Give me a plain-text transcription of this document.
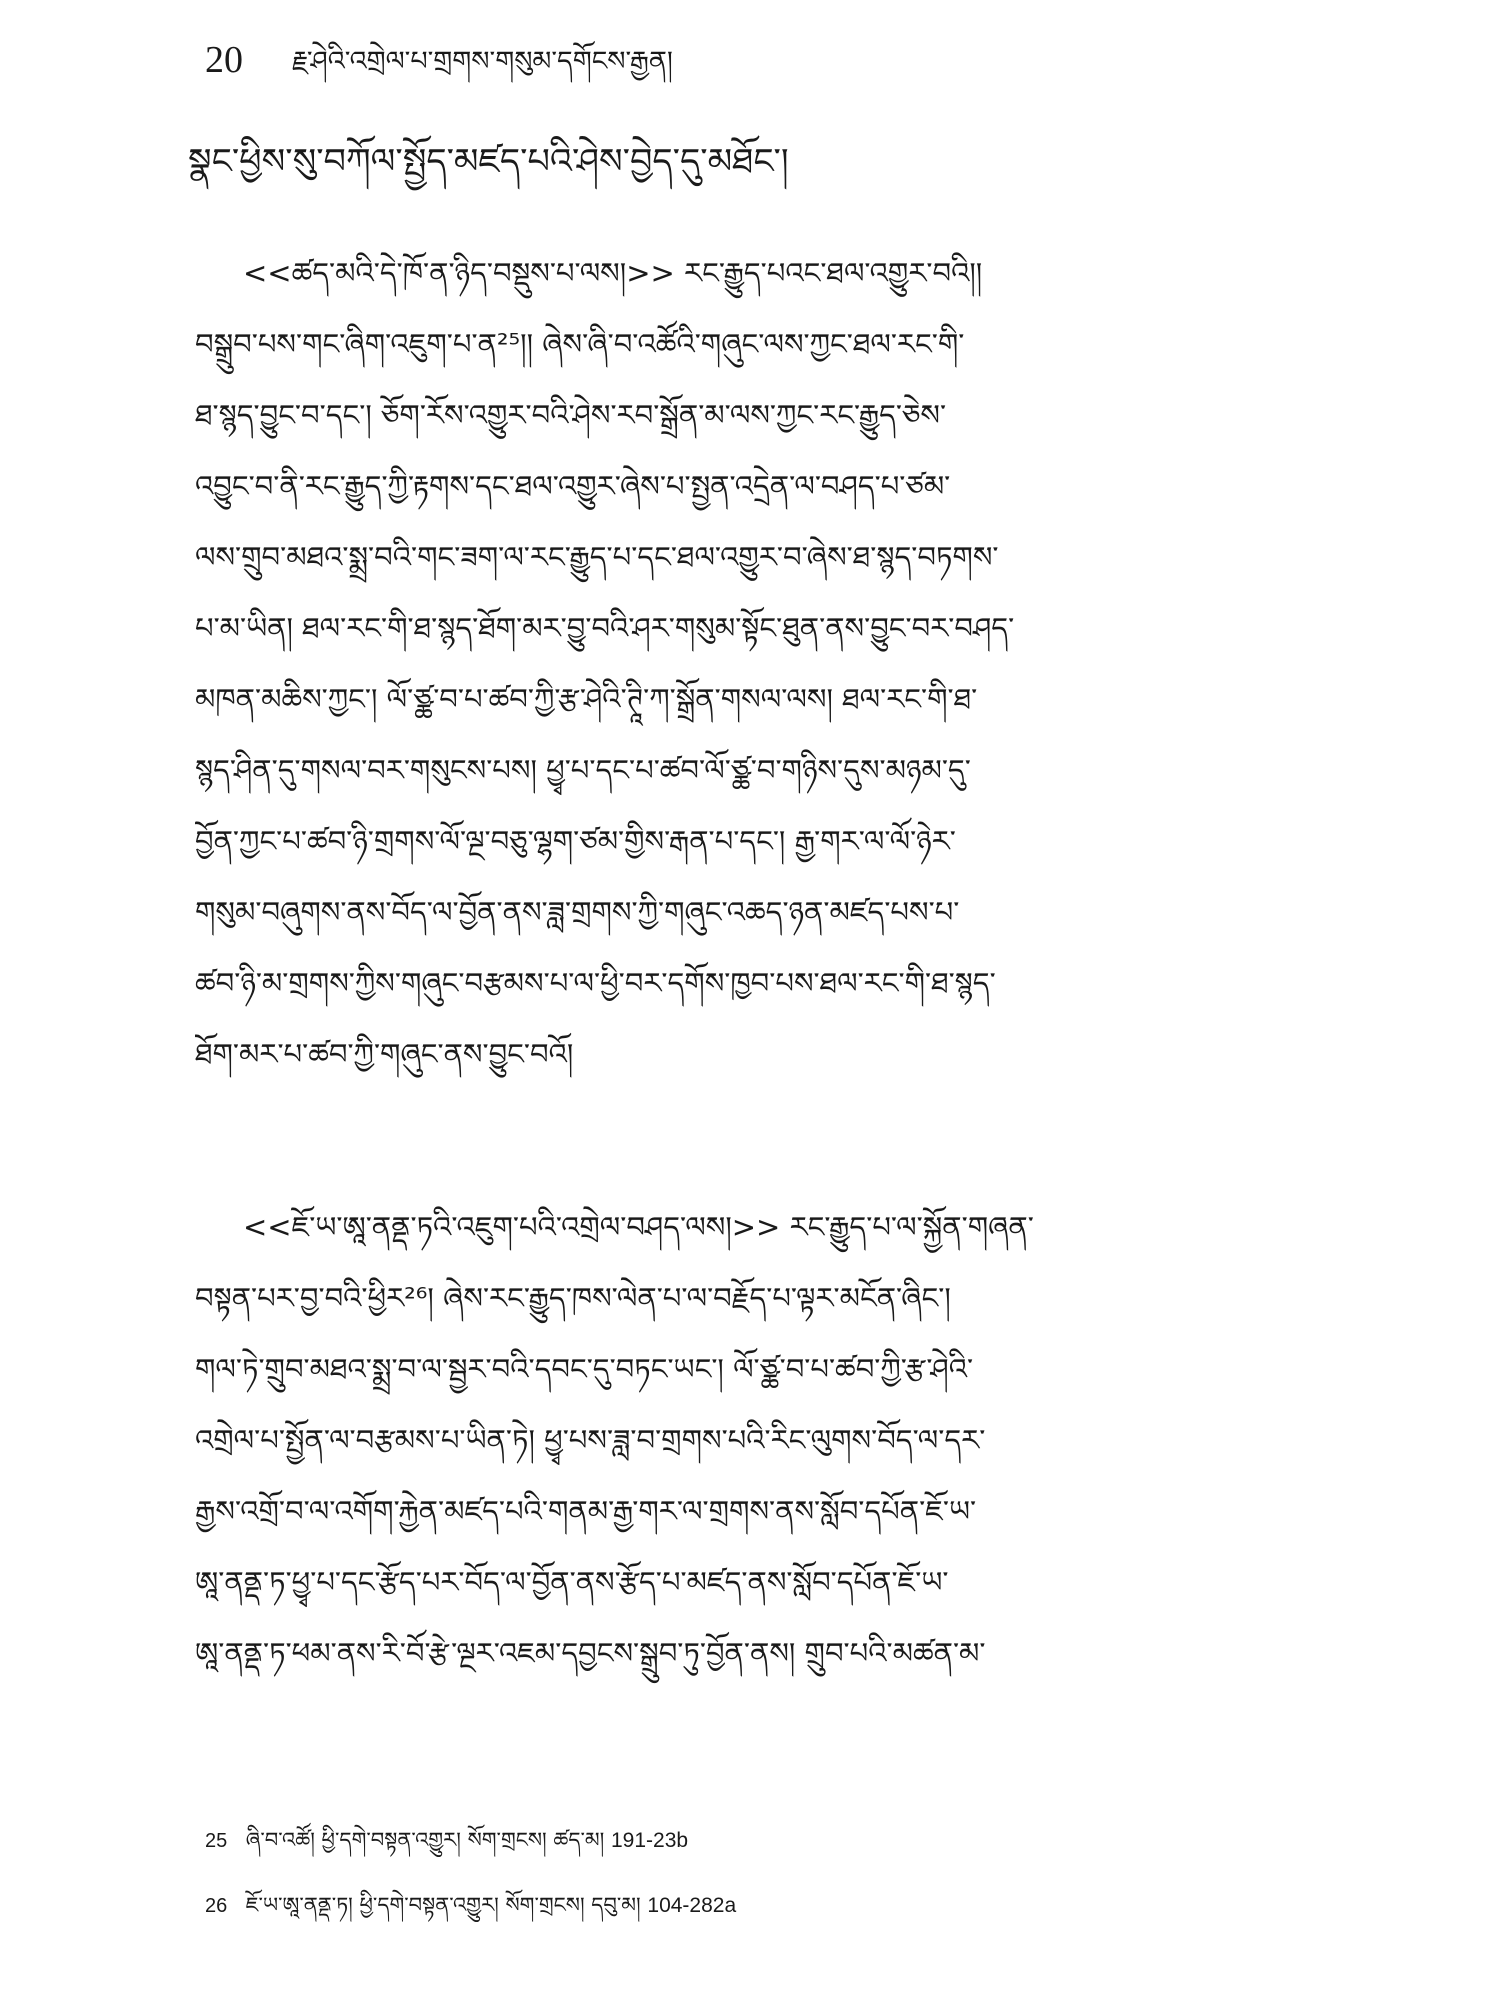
20 རྗ་ཤེའི་འགྲེལ་པ་གྲགས་གསུམ་དགོངས་རྒྱན།
སྣང་ཕྱིས་སུ་བཀོལ་སྤྱོད་མཛད་པའི་ཤེས་བྱེད་དུ་མཐོང་།
<<ཚད་མའི་དེ་ཁོ་ན་ཉིད་བསྡུས་པ་ལས།>> རང་རྒྱུད་པའང་ཐལ་འགྱུར་བའི།།
བསྒྲུབ་པས་གང་ཞིག་འཇུག་པ་ན²⁵།། ཞེས་ཞི་བ་འཚོའི་གཞུང་ལས་ཀྱང་ཐལ་རང་གི་
ཐ་སྙད་བྱུང་བ་དང་། ཅོག་རོས་འགྱུར་བའི་ཤེས་རབ་སྒྲོན་མ་ལས་ཀྱང་རང་རྒྱུད་ཅེས་
འབྱུང་བ་ནི་རང་རྒྱུད་ཀྱི་རྟགས་དང་ཐལ་འགྱུར་ཞེས་པ་སྤྱན་འདྲེན་ལ་བཤད་པ་ཙམ་
ལས་གྲུབ་མཐའ་སྨྲ་བའི་གང་ཟག་ལ་རང་རྒྱུད་པ་དང་ཐལ་འགྱུར་བ་ཞེས་ཐ་སྙད་བཏགས་
པ་མ་ཡིན། ཐལ་རང་གི་ཐ་སྙད་ཐོག་མར་བྱུ་བའི་ཤར་གསུམ་སྟོང་ཐུན་ནས་བྱུང་བར་བཤད་
མཁན་མཆིས་ཀྱང་། ལོ་ཙྪ་བ་པ་ཚབ་ཀྱི་རྩ་ཤེའི་ཊཱི་ཀ་སྒྲོན་གསལ་ལས། ཐལ་རང་གི་ཐ་
སྙད་ཤིན་དུ་གསལ་བར་གསུངས་པས། ཕྱྭ་པ་དང་པ་ཚབ་ལོ་ཙྪ་བ་གཉིས་དུས་མཉམ་དུ་
བྱོན་ཀྱང་པ་ཚབ་ཉི་གྲགས་ལོ་ལྔ་བཅུ་ལྷག་ཙམ་གྱིས་རྒན་པ་དང་། རྒྱ་གར་ལ་ལོ་ཉེར་
གསུམ་བཞུགས་ནས་བོད་ལ་བྱོན་ནས་ཟླ་གྲགས་ཀྱི་གཞུང་འཆད་ཉན་མཛད་པས་པ་
ཚབ་ཉི་མ་གྲགས་ཀྱིས་གཞུང་བརྩམས་པ་ལ་ཕྱི་བར་དགོས་ཁྱབ་པས་ཐལ་རང་གི་ཐ་སྙད་
ཐོག་མར་པ་ཚབ་ཀྱི་གཞུང་ནས་བྱུང་བའོ།
<<ཇོ་ཡ་ཨཱ་ནནྡ་ཏའི་འཇུག་པའི་འགྲེལ་བཤད་ལས།>> རང་རྒྱུད་པ་ལ་སྐྱོན་གཞན་
བསྟན་པར་བྱ་བའི་ཕྱིར²⁶། ཞེས་རང་རྒྱུད་ཁས་ལེན་པ་ལ་བརྗོད་པ་ལྟར་མངོན་ཞིང་།
གལ་ཏེ་གྲུབ་མཐའ་སྨྲ་བ་ལ་སྦྱར་བའི་དབང་དུ་བཏང་ཡང་། ལོ་ཙྪ་བ་པ་ཚབ་ཀྱི་རྩ་ཤེའི་
འགྲེལ་པ་སྤྱོན་ལ་བརྩམས་པ་ཡིན་ཏེ། ཕྱྭ་པས་ཟླ་བ་གྲགས་པའི་རིང་ལུགས་བོད་ལ་དར་
རྒྱས་འགྲོ་བ་ལ་འགོག་རྐྱེན་མཛད་པའི་གནམ་རྒྱ་གར་ལ་གྲགས་ནས་སློབ་དཔོན་ཇོ་ཡ་
ཨཱ་ནནྡ་ཏ་ཕྱྭ་པ་དང་རྩོད་པར་བོད་ལ་བྱོན་ནས་རྩོད་པ་མཛད་ནས་སློབ་དཔོན་ཇོ་ཡ་
ཨཱ་ནནྡ་ཏ་ཕམ་ནས་རི་བོ་རྩེ་ལྔར་འཇམ་དབྱངས་སྒྲུབ་ཏུ་བྱོན་ནས། གྲུབ་པའི་མཚན་མ་
25 ཞི་བ་འཚོ། ཕྱི་དགེ་བསྟན་འགྱུར། སོག་གྲངས། ཚད་མ། 191-23b
26 ཇོ་ཡ་ཨཱ་ནནྡ་ཏ། ཕྱི་དགེ་བསྟན་འགྱུར། སོག་གྲངས། དབུ་མ། 104-282a
